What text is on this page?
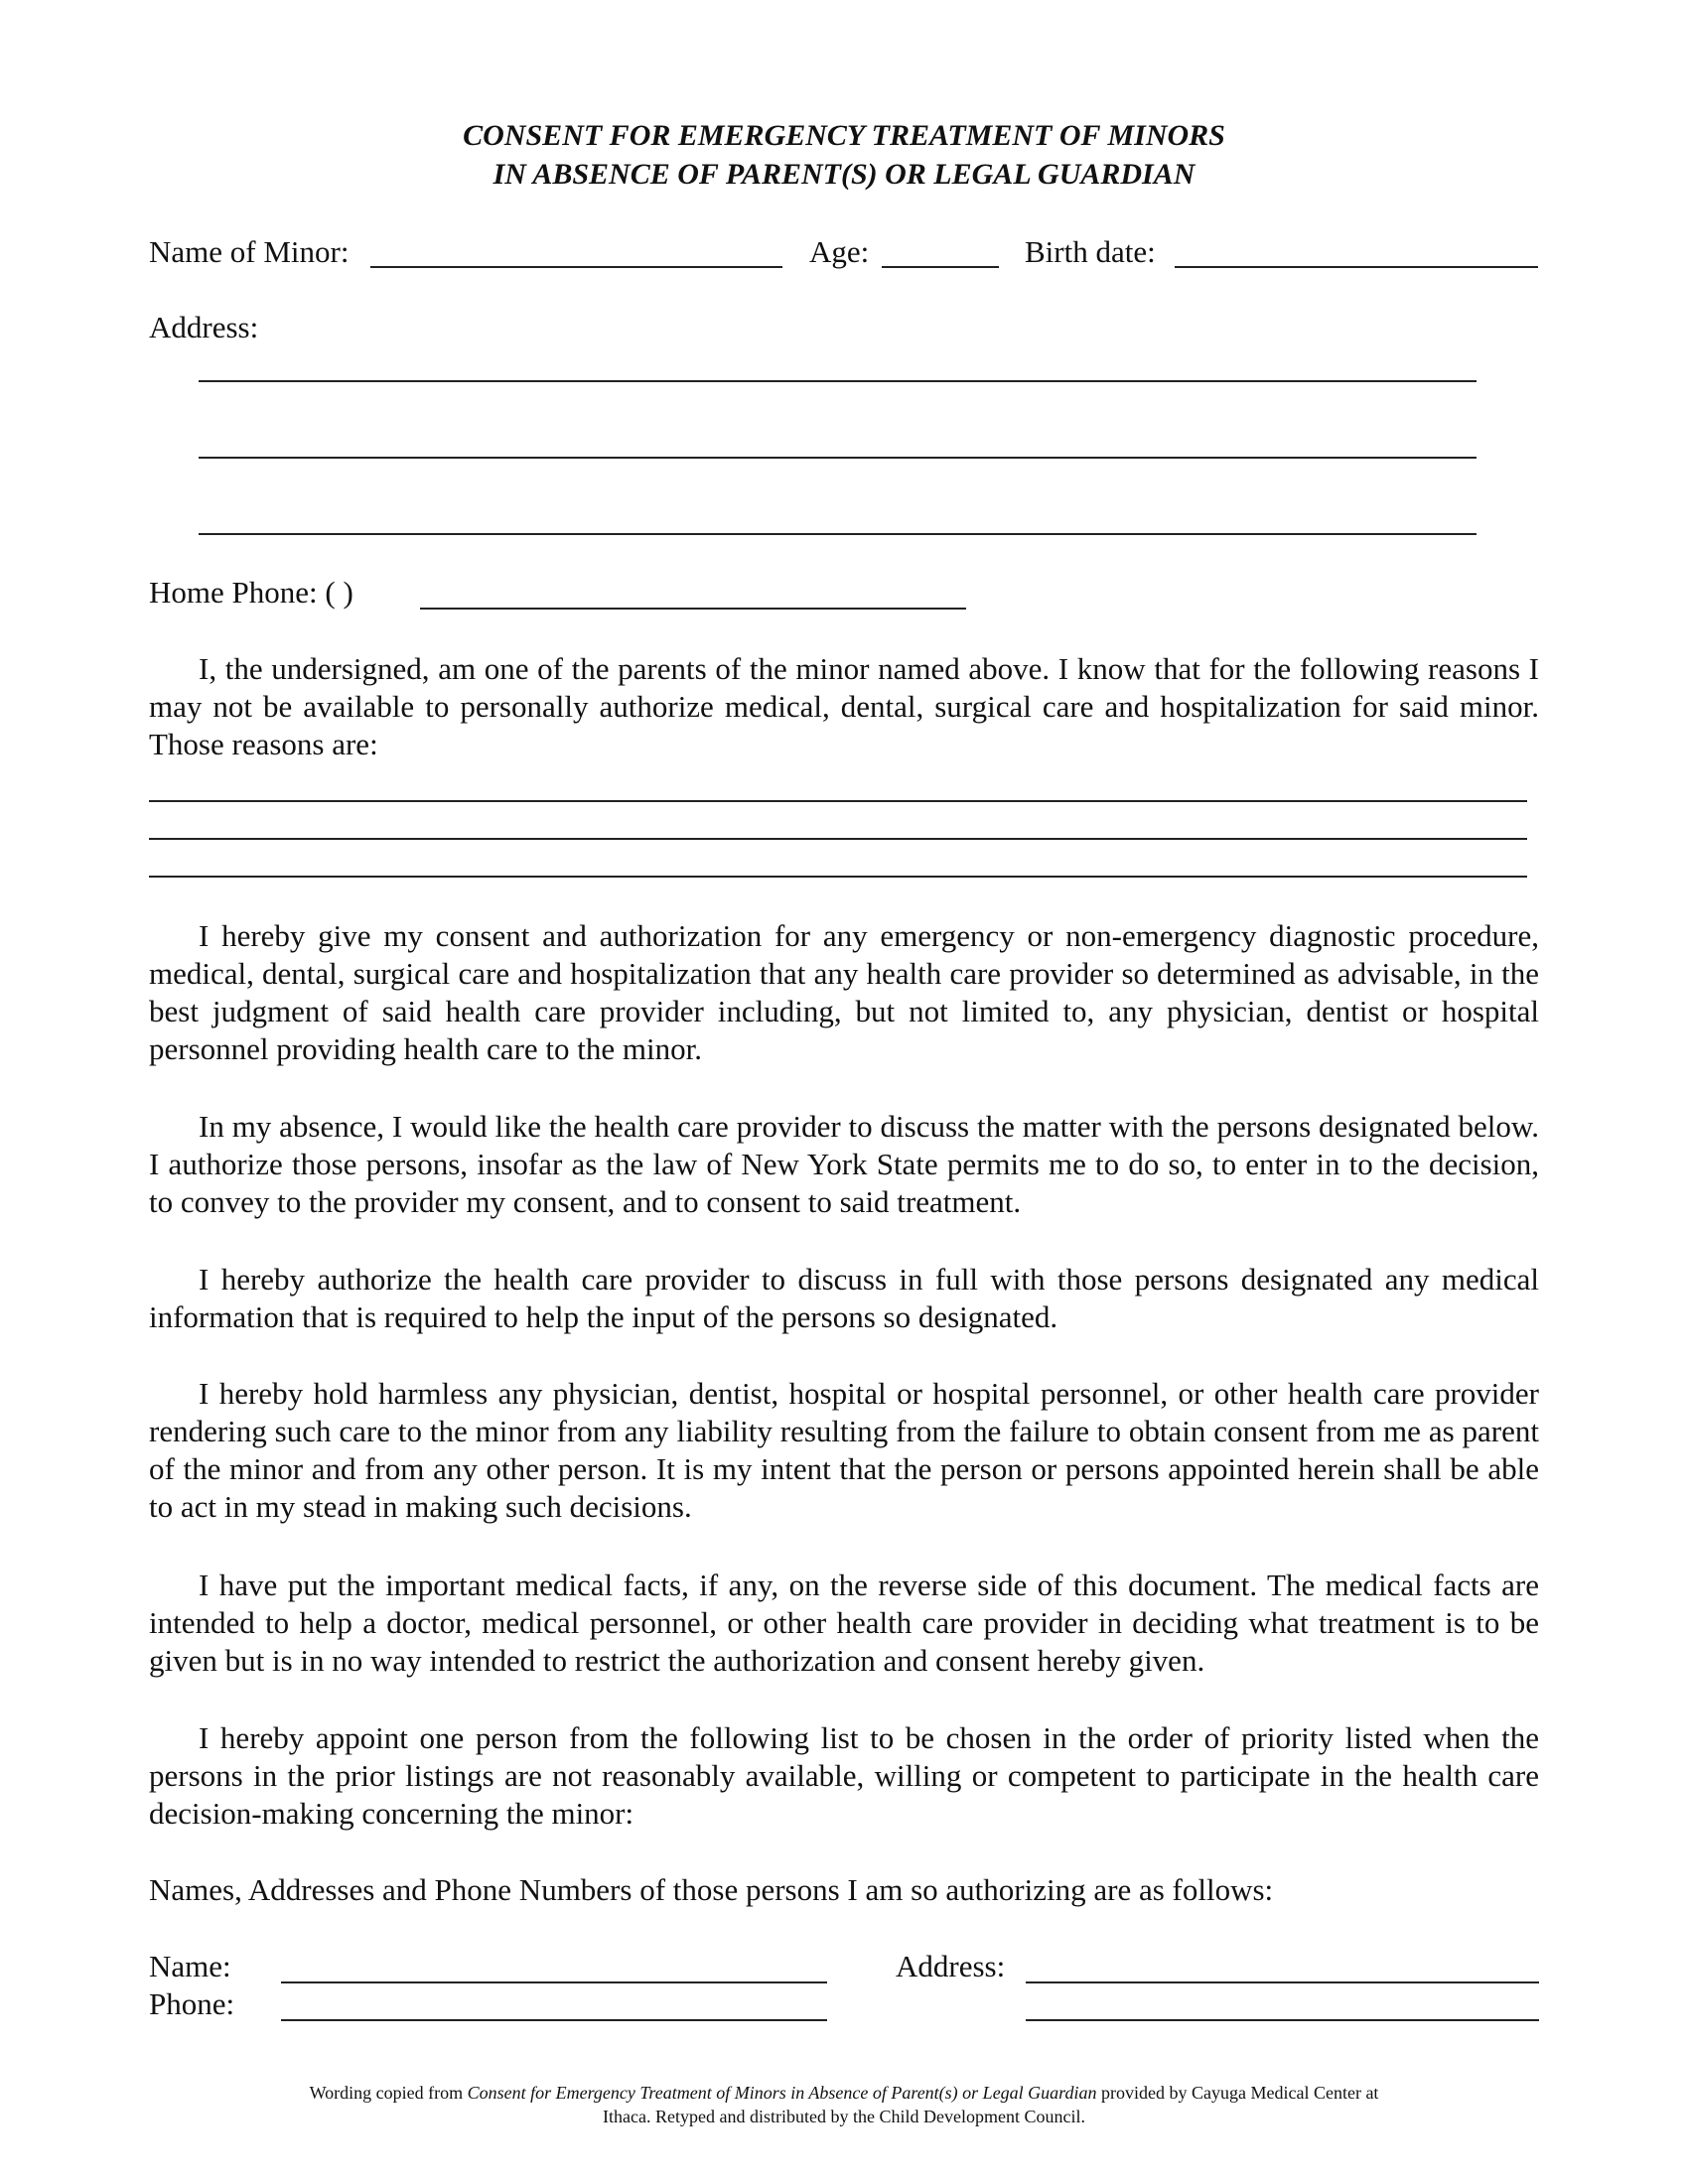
CONSENT FOR EMERGENCY TREATMENT OF MINORS
IN ABSENCE OF PARENT(S) OR LEGAL GUARDIAN
Name of Minor:	Age:	Birth date:
Address:
Home Phone: ( )
I, the undersigned, am one of the parents of the minor named above. I know that for the following reasons I may not be available to personally authorize medical, dental, surgical care and hospitalization for said minor. Those reasons are:
I hereby give my consent and authorization for any emergency or non-emergency diagnostic procedure, medical, dental, surgical care and hospitalization that any health care provider so determined as advisable, in the best judgment of said health care provider including, but not limited to, any physician, dentist or hospital personnel providing health care to the minor.
In my absence, I would like the health care provider to discuss the matter with the persons designated below. I authorize those persons, insofar as the law of New York State permits me to do so, to enter in to the decision, to convey to the provider my consent, and to consent to said treatment.
I hereby authorize the health care provider to discuss in full with those persons designated any medical information that is required to help the input of the persons so designated.
I hereby hold harmless any physician, dentist, hospital or hospital personnel, or other health care provider rendering such care to the minor from any liability resulting from the failure to obtain consent from me as parent of the minor and from any other person. It is my intent that the person or persons appointed herein shall be able to act in my stead in making such decisions.
I have put the important medical facts, if any, on the reverse side of this document. The medical facts are intended to help a doctor, medical personnel, or other health care provider in deciding what treatment is to be given but is in no way intended to restrict the authorization and consent hereby given.
I hereby appoint one person from the following list to be chosen in the order of priority listed when the persons in the prior listings are not reasonably available, willing or competent to participate in the health care decision-making concerning the minor:
Names, Addresses and Phone Numbers of those persons I am so authorizing are as follows:
Name:
Phone:
Address:
Wording copied from Consent for Emergency Treatment of Minors in Absence of Parent(s) or Legal Guardian provided by Cayuga Medical Center at
Ithaca. Retyped and distributed by the Child Development Council.
